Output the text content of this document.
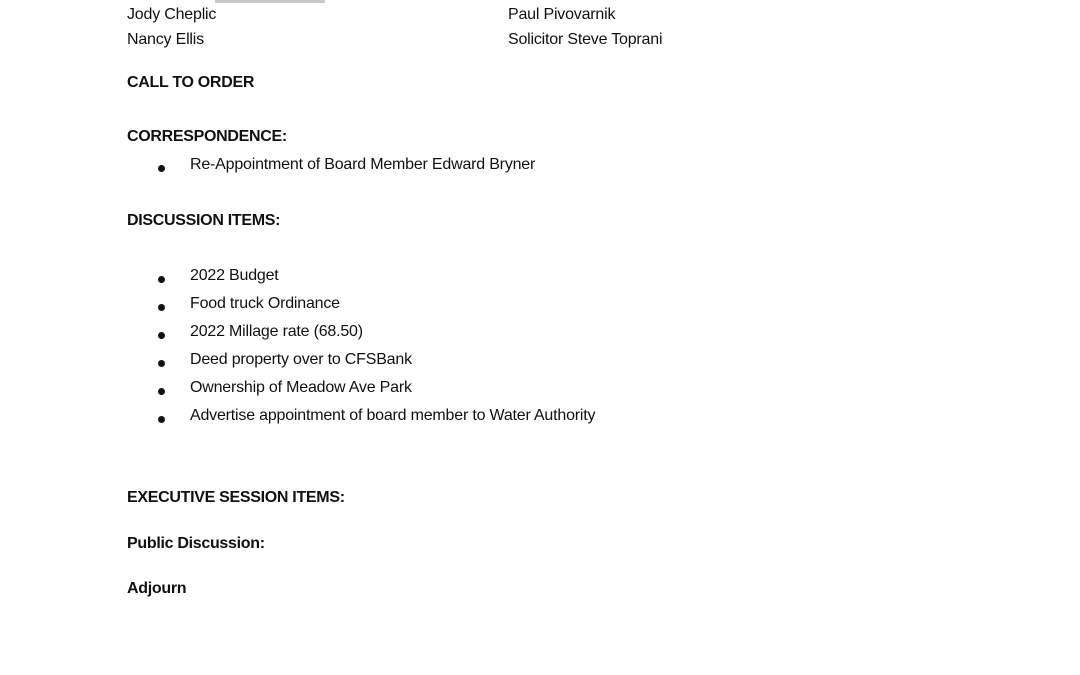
Jody Cheplic
Nancy Ellis
Paul Pivovarnik
Solicitor Steve Toprani
CALL TO ORDER
CORRESPONDENCE:
Re-Appointment of Board Member Edward Bryner
DISCUSSION ITEMS:
2022 Budget
Food truck Ordinance
2022 Millage rate (68.50)
Deed property over to CFSBank
Ownership of Meadow Ave Park
Advertise appointment of board member to Water Authority
EXECUTIVE SESSION ITEMS:
Public Discussion:
Adjourn
